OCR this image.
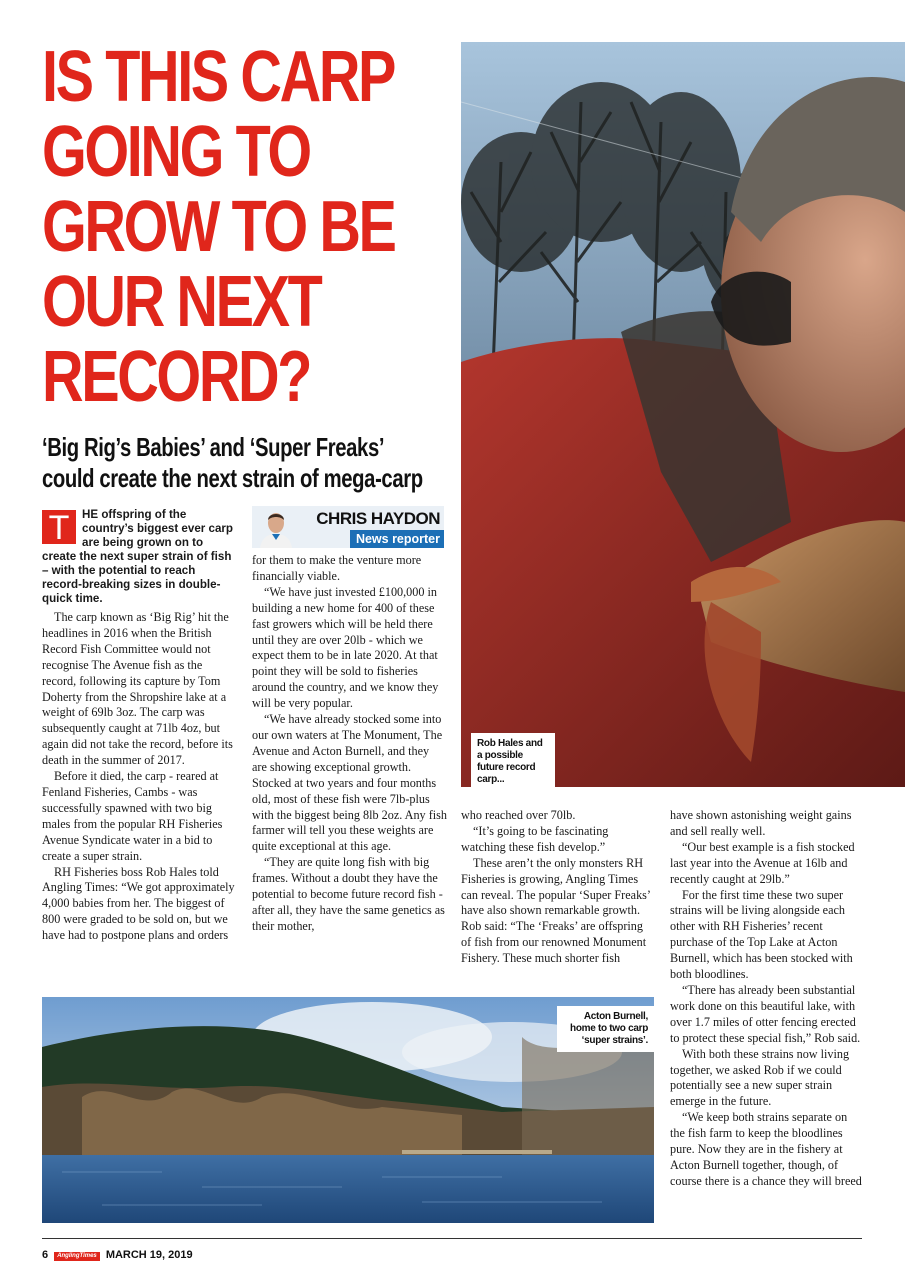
IS THIS CARP
GOING TO
GROW TO BE
OUR NEXT
RECORD?
‘Big Rig’s Babies’ and ‘Super Freaks’
could create the next strain of mega-carp
Rob Hales and a possible future record carp...
CHRIS HAYDON
News reporter
T	HE offspring of the country’s biggest ever carp are being grown on to create the next super strain of fish – with the potential to reach record-breaking sizes in double-quick time.

The carp known as ‘Big Rig’ hit the headlines in 2016 when the British Record Fish Committee would not recognise The Avenue fish as the record, following its capture by Tom Doherty from the Shropshire lake at a weight of 69lb 3oz. The carp was subsequently caught at 71lb 4oz, but again did not take the record, before its death in the summer of 2017.

Before it died, the carp - reared at Fenland Fisheries, Cambs - was successfully spawned with two big males from the popular RH Fisheries Avenue Syndicate water in a bid to create a super strain.

RH Fisheries boss Rob Hales told Angling Times: “We got approximately 4,000 babies from her. The biggest of 800 were graded to be sold on, but we have had to postpone plans and orders

for them to make the venture more financially viable.

“We have just invested £100,000 in building a new home for 400 of these fast growers which will be held there until they are over 20lb - which we expect them to be in late 2020. At that point they will be sold to fisheries around the country, and we know they will be very popular.

“We have already stocked some into our own waters at The Monument, The Avenue and Acton Burnell, and they are showing exceptional growth. Stocked at two years and four months old, most of these fish were 7lb-plus with the biggest being 8lb 2oz. Any fish farmer will tell you these weights are quite exceptional at this age.

“They are quite long fish with big frames. Without a doubt they have the potential to become future record fish - after all, they have the same genetics as their mother,

who reached over 70lb.

“It’s going to be fascinating watching these fish develop.”

These aren’t the only monsters RH Fisheries is growing, Angling Times can reveal. The popular ‘Super Freaks’ have also shown remarkable growth. Rob said: “The ‘Freaks’ are offspring of fish from our renowned Monument Fishery. These much shorter fish

have shown astonishing weight gains and sell really well.

“Our best example is a fish stocked last year into the Avenue at 16lb and recently caught at 29lb.”

For the first time these two super strains will be living alongside each other with RH Fisheries’ recent purchase of the Top Lake at Acton Burnell, which has been stocked with both bloodlines.

“There has already been substantial work done on this beautiful lake, with over 1.7 miles of otter fencing erected to protect these special fish,” Rob said.

With both these strains now living together, we asked Rob if we could potentially see a new super strain emerge in the future.

“We keep both strains separate on the fish farm to keep the bloodlines pure. Now they are in the fishery at Acton Burnell together, though, of course there is a chance they will breed

Acton Burnell, home to two carp ‘super strains’.
6 AnglingTimes MARCH 19, 2019
